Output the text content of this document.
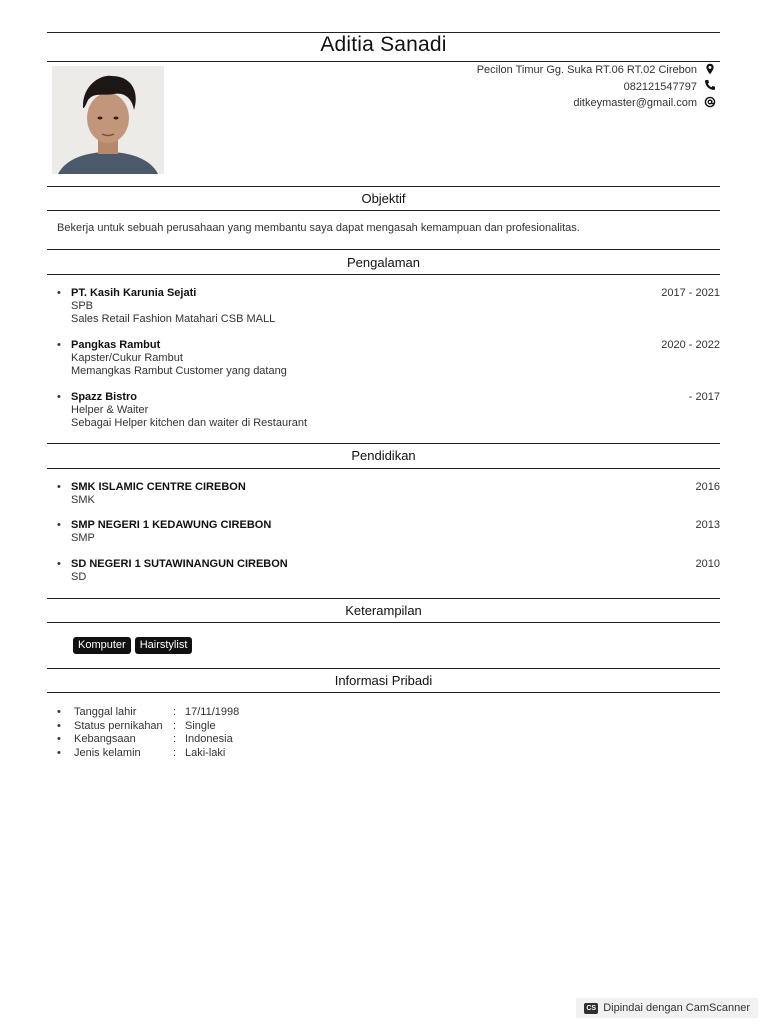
Aditia Sanadi
Pecilon Timur Gg. Suka RT.06 RT.02 Cirebon
082121547797
ditkeymaster@gmail.com
Objektif
Bekerja untuk sebuah perusahaan yang membantu saya dapat mengasah kemampuan dan profesionalitas.
Pengalaman
• PT. Kasih Karunia Sejati
SPB
Sales Retail Fashion Matahari CSB MALL
2017 - 2021
• Pangkas Rambut
Kapster/Cukur Rambut
Memangkas Rambut Customer yang datang
2020 - 2022
• Spazz Bistro
Helper & Waiter
Sebagai Helper kitchen dan waiter di Restaurant
- 2017
Pendidikan
• SMK ISLAMIC CENTRE CIREBON
SMK
2016
• SMP NEGERI 1 KEDAWUNG CIREBON
SMP
2013
• SD NEGERI 1 SUTAWINANGUN CIREBON
SD
2010
Keterampilan
Komputer	Hairstylist
Informasi Pribadi
• Tanggal lahir	: 17/11/1998
• Status pernikahan : Single
• Kebangsaan	: Indonesia
• Jenis kelamin	: Laki-laki
CS Dipindai dengan CamScanner
